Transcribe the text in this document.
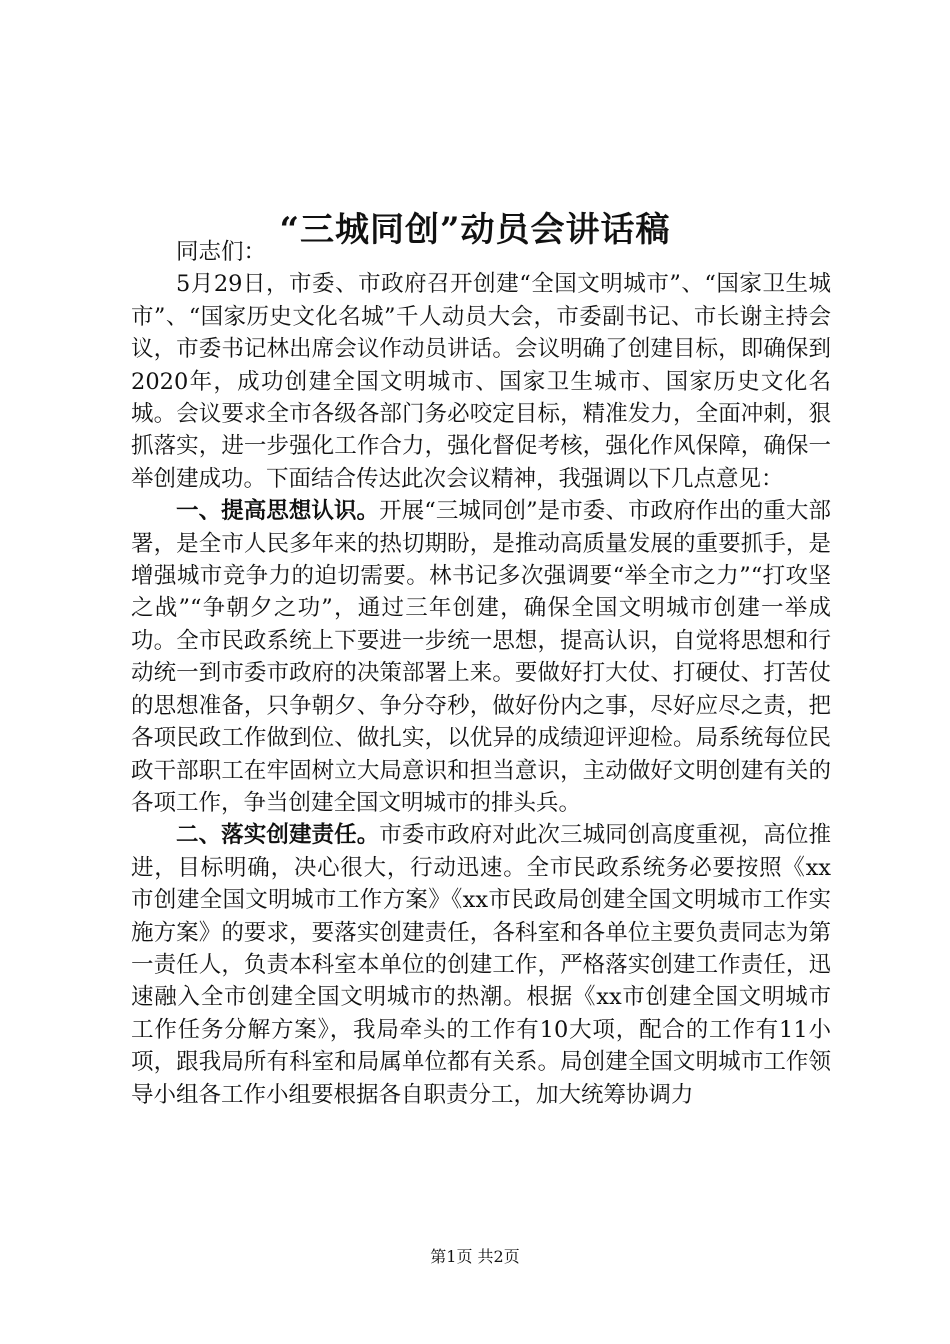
“三城同创”动员会讲话稿

同志们：

5月29日，市委、市政府召开创建“全国文明城市”、“国家卫生城市”、“国家历史文化名城”千人动员大会，市委副书记、市长谢主持会议，市委书记林出席会议作动员讲话。会议明确了创建目标，即确保到2020年，成功创建全国文明城市、国家卫生城市、国家历史文化名城。会议要求全市各级各部门务必咬定目标，精准发力，全面冲刺，狠抓落实，进一步强化工作合力，强化督促考核，强化作风保障，确保一举创建成功。下面结合传达此次会议精神，我强调以下几点意见：

一、提高思想认识。开展“三城同创”是市委、市政府作出的重大部署，是全市人民多年来的热切期盼，是推动高质量发展的重要抓手，是增强城市竞争力的迫切需要。林书记多次强调要“举全市之力”“打攻坚之战”“争朝夕之功”，通过三年创建，确保全国文明城市创建一举成功。全市民政系统上下要进一步统一思想，提高认识，自觉将思想和行动统一到市委市政府的决策部署上来。要做好打大仗、打硬仗、打苦仗的思想准备，只争朝夕、争分夺秒，做好份内之事，尽好应尽之责，把各项民政工作做到位、做扎实，以优异的成绩迎评迎检。局系统每位民政干部职工在牢固树立大局意识和担当意识，主动做好文明创建有关的各项工作，争当创建全国文明城市的排头兵。

二、落实创建责任。市委市政府对此次三城同创高度重视，高位推进，目标明确，决心很大，行动迅速。全市民政系统务必要按照《xx市创建全国文明城市工作方案》《xx市民政局创建全国文明城市工作实施方案》的要求，要落实创建责任，各科室和各单位主要负责同志为第一责任人，负责本科室本单位的创建工作，严格落实创建工作责任，迅速融入全市创建全国文明城市的热潮。根据《xx市创建全国文明城市工作任务分解方案》，我局牵头的工作有10大项，配合的工作有11小项，跟我局所有科室和局属单位都有关系。局创建全国文明城市工作领导小组各工作小组要根据各自职责分工，加大统筹协调力

第1页 共2页
